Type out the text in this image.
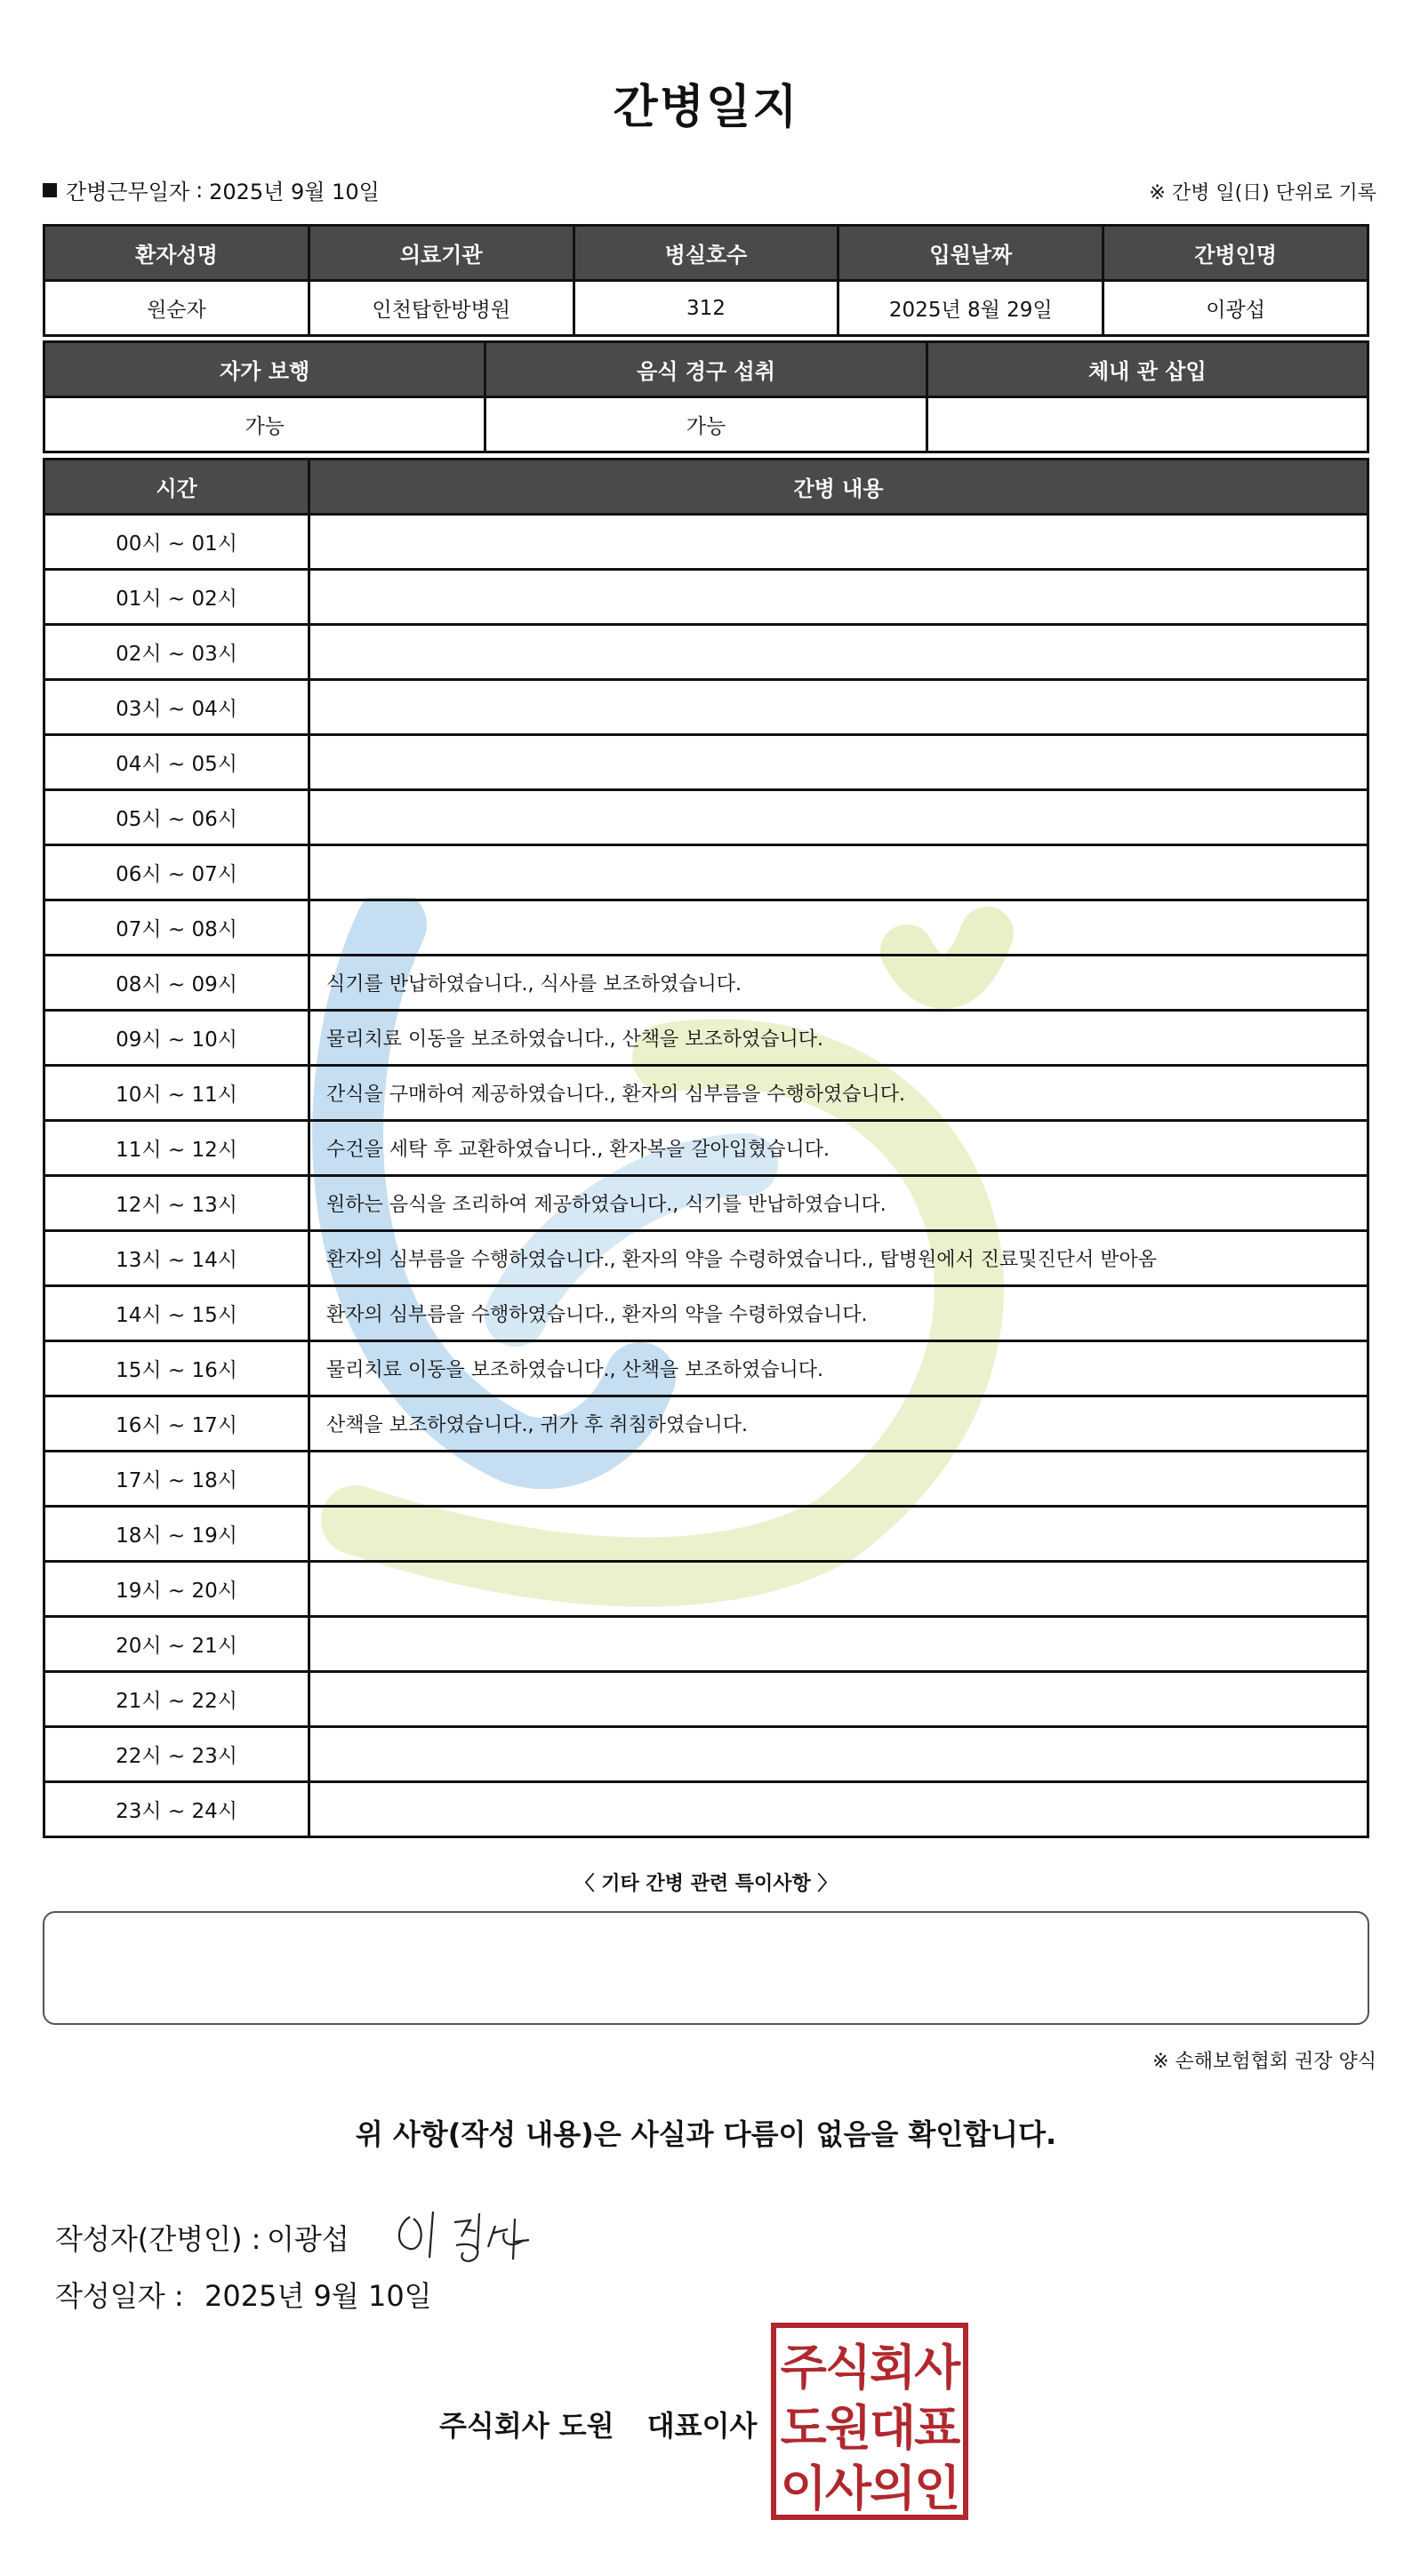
간병일지
간병근무일자 : 2025년 9월 10일	※ 간병 일(日) 단위로 기록
환자성명	의료기관	병실호수	입원날짜	간병인명
원순자	인천탑한방병원	312	2025년 8월 29일	이광섭
자가 보행	음식 경구 섭취	체내 관 삽입
가능	가능	
시간	간병 내용
00시 ~ 01시	
01시 ~ 02시	
02시 ~ 03시	
03시 ~ 04시	
04시 ~ 05시	
05시 ~ 06시	
06시 ~ 07시	
07시 ~ 08시	
08시 ~ 09시	식기를 반납하였습니다., 식사를 보조하였습니다.
09시 ~ 10시	물리치료 이동을 보조하였습니다., 산책을 보조하였습니다.
10시 ~ 11시	간식을 구매하여 제공하였습니다., 환자의 심부름을 수행하였습니다.
11시 ~ 12시	수건을 세탁 후 교환하였습니다., 환자복을 갈아입혔습니다.
12시 ~ 13시	원하는 음식을 조리하여 제공하였습니다., 식기를 반납하였습니다.
13시 ~ 14시	환자의 심부름을 수행하였습니다., 환자의 약을 수령하였습니다., 탑병원에서 진료및진단서 받아옴
14시 ~ 15시	환자의 심부름을 수행하였습니다., 환자의 약을 수령하였습니다.
15시 ~ 16시	물리치료 이동을 보조하였습니다., 산책을 보조하였습니다.
16시 ~ 17시	산책을 보조하였습니다., 귀가 후 취침하였습니다.
17시 ~ 18시	
18시 ~ 19시	
19시 ~ 20시	
20시 ~ 21시	
21시 ~ 22시	
22시 ~ 23시	
23시 ~ 24시	
〈 기타 간병 관련 특이사항 〉
※ 손해보험협회 권장 양식
위 사항(작성 내용)은 사실과 다름이 없음을 확인합니다.
작성자(간병인) : 이광섭
작성일자 : 2025년 9월 10일
주식회사 도원 대표이사
주식회사
도원대표
이사의인
